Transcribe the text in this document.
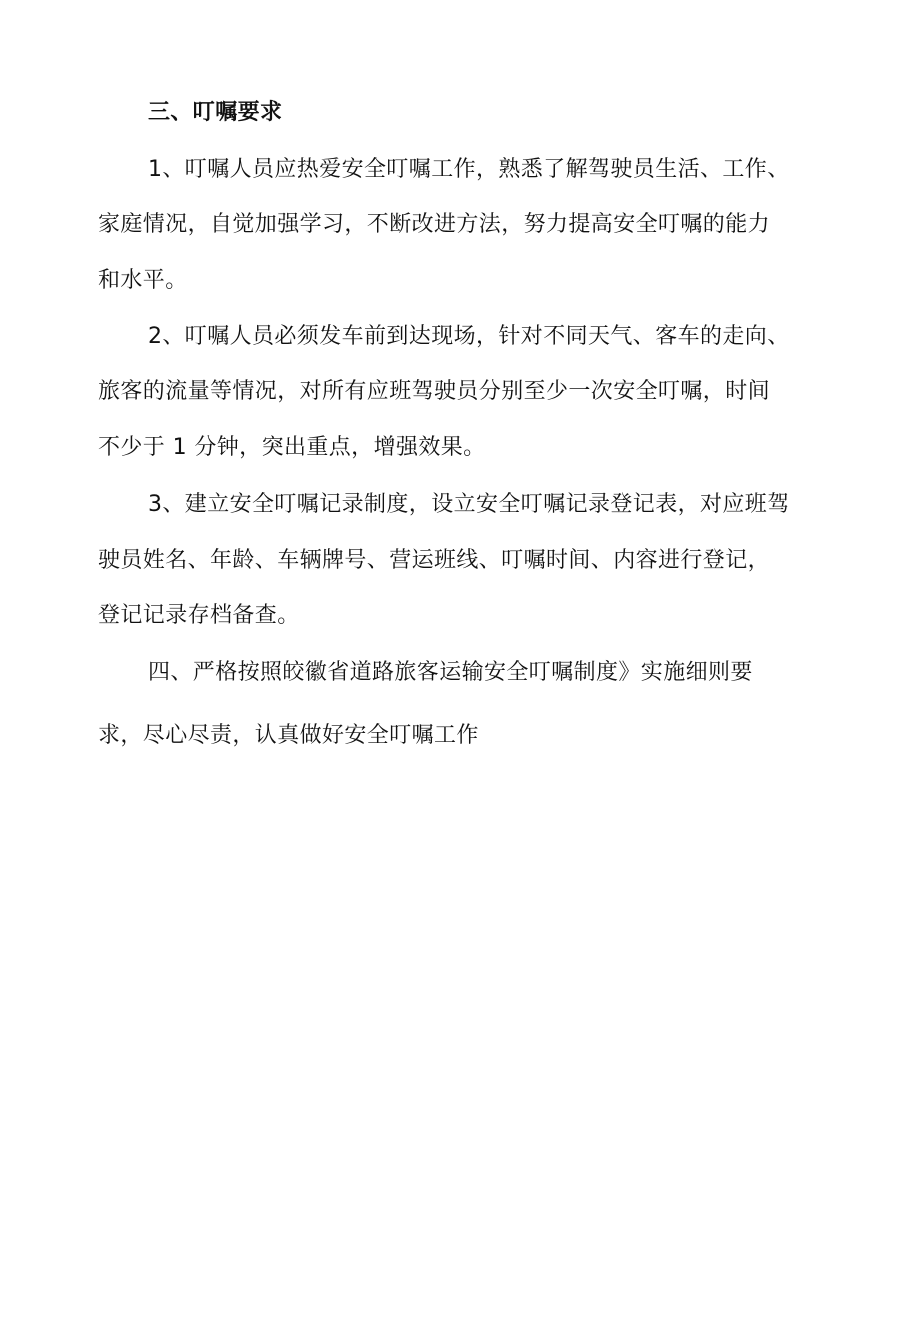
三、叮嘱要求
1、叮嘱人员应热爱安全叮嘱工作，熟悉了解驾驶员生活、工作、
家庭情况，自觉加强学习，不断改进方法，努力提高安全叮嘱的能力
和水平。
2、叮嘱人员必须发车前到达现场，针对不同天气、客车的走向、
旅客的流量等情况，对所有应班驾驶员分别至少一次安全叮嘱，时间
不少于 1 分钟，突出重点，增强效果。
3、建立安全叮嘱记录制度，设立安全叮嘱记录登记表，对应班驾
驶员姓名、年龄、车辆牌号、营运班线、叮嘱时间、内容进行登记，
登记记录存档备查。
四、严格按照皎徽省道路旅客运输安全叮嘱制度》实施细则要
求，尽心尽责，认真做好安全叮嘱工作
